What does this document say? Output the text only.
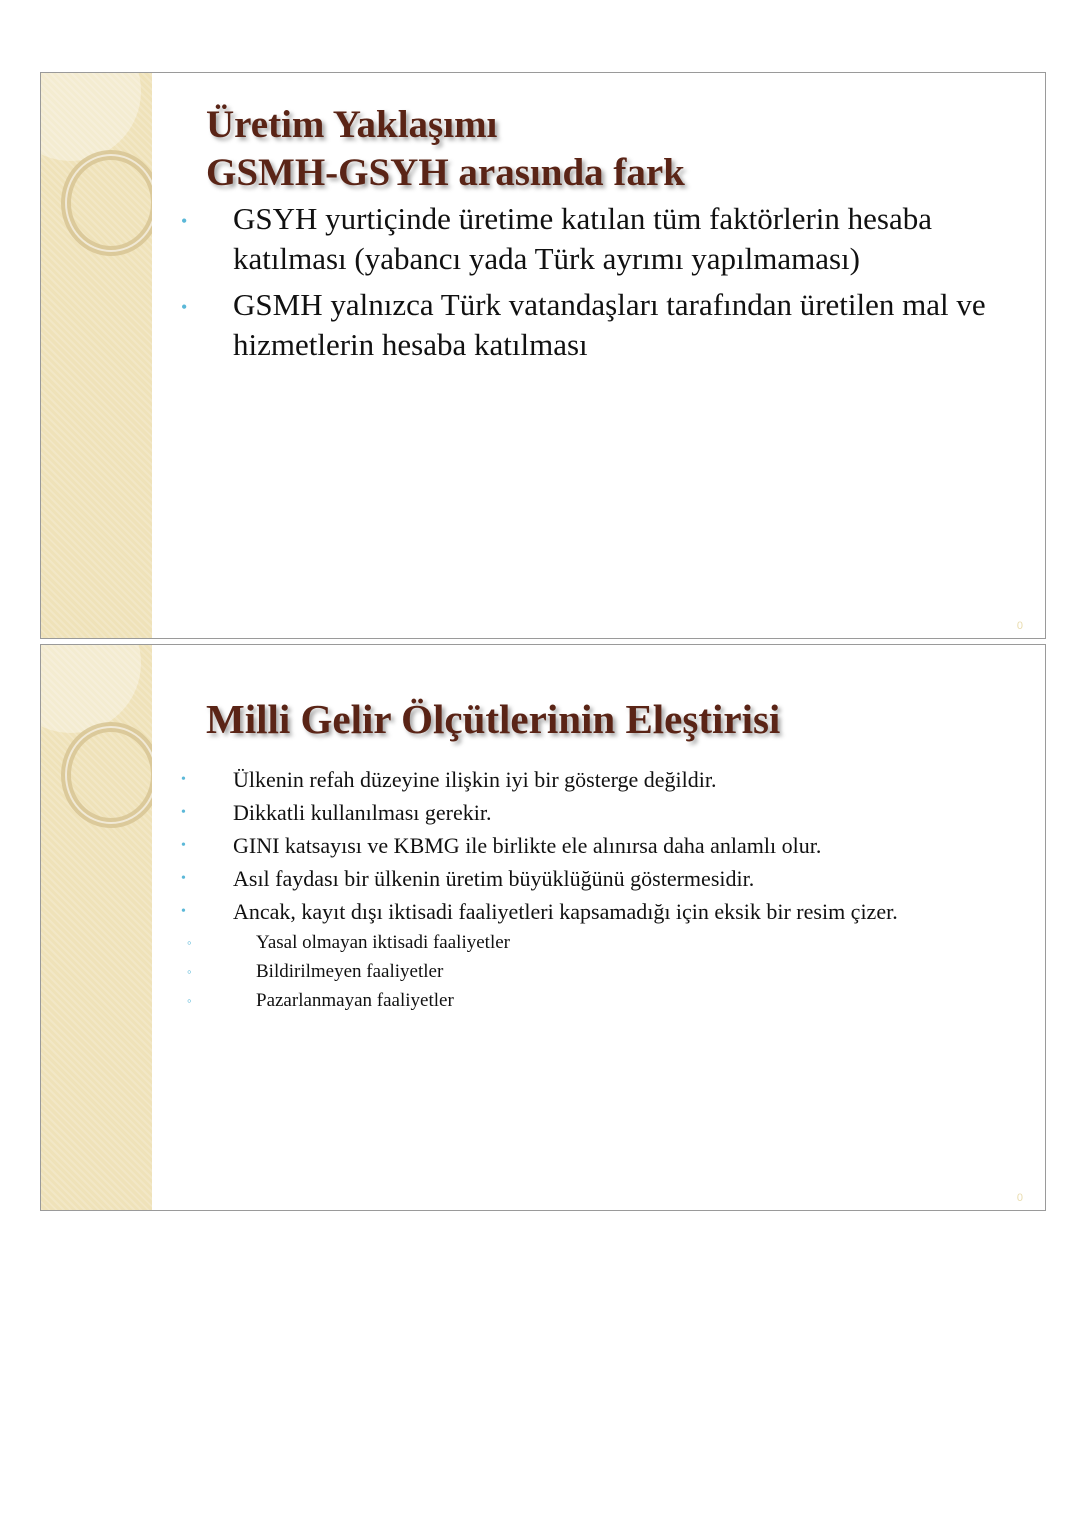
Üretim Yaklaşımı
GSMH-GSYH arasında fark
• GSYH yurtiçinde üretime katılan tüm faktörlerin hesaba katılması (yabancı yada Türk ayrımı yapılmaması)
• GSMH yalnızca Türk vatandaşları tarafından üretilen mal ve hizmetlerin hesaba katılması
0
Milli Gelir Ölçütlerinin Eleştirisi
• Ülkenin refah düzeyine ilişkin iyi bir gösterge değildir.
• Dikkatli kullanılması gerekir.
• GINI katsayısı ve KBMG ile birlikte ele alınırsa daha anlamlı olur.
• Asıl faydası bir ülkenin üretim büyüklüğünü göstermesidir.
• Ancak, kayıt dışı iktisadi faaliyetleri kapsamadığı için eksik bir resim çizer.
◦	Yasal olmayan iktisadi faaliyetler
◦	Bildirilmeyen faaliyetler
◦	Pazarlanmayan faaliyetler
0
